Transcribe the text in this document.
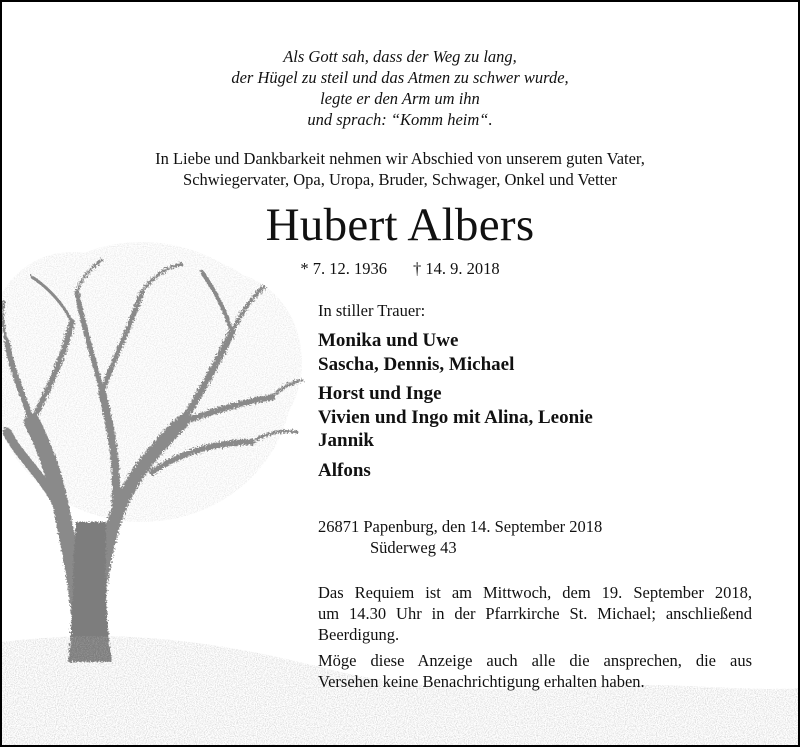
Als Gott sah, dass der Weg zu lang,
der Hügel zu steil und das Atmen zu schwer wurde,
legte er den Arm um ihn
und sprach: “Komm heim“.
In Liebe und Dankbarkeit nehmen wir Abschied von unserem guten Vater,
Schwiegervater, Opa, Uropa, Bruder, Schwager, Onkel und Vetter
Hubert Albers
* 7. 12. 1936 † 14. 9. 2018
In stiller Trauer:
Monika und Uwe
Sascha, Dennis, Michael
Horst und Inge
Vivien und Ingo mit Alina, Leonie
Jannik
Alfons
26871 Papenburg, den 14. September 2018
Süderweg 43
Das Requiem ist am Mittwoch, dem 19. September 2018,
um 14.30 Uhr in der Pfarrkirche St. Michael; anschließend
Beerdigung.
Möge diese Anzeige auch alle die ansprechen, die aus
Versehen keine Benachrichtigung erhalten haben.
